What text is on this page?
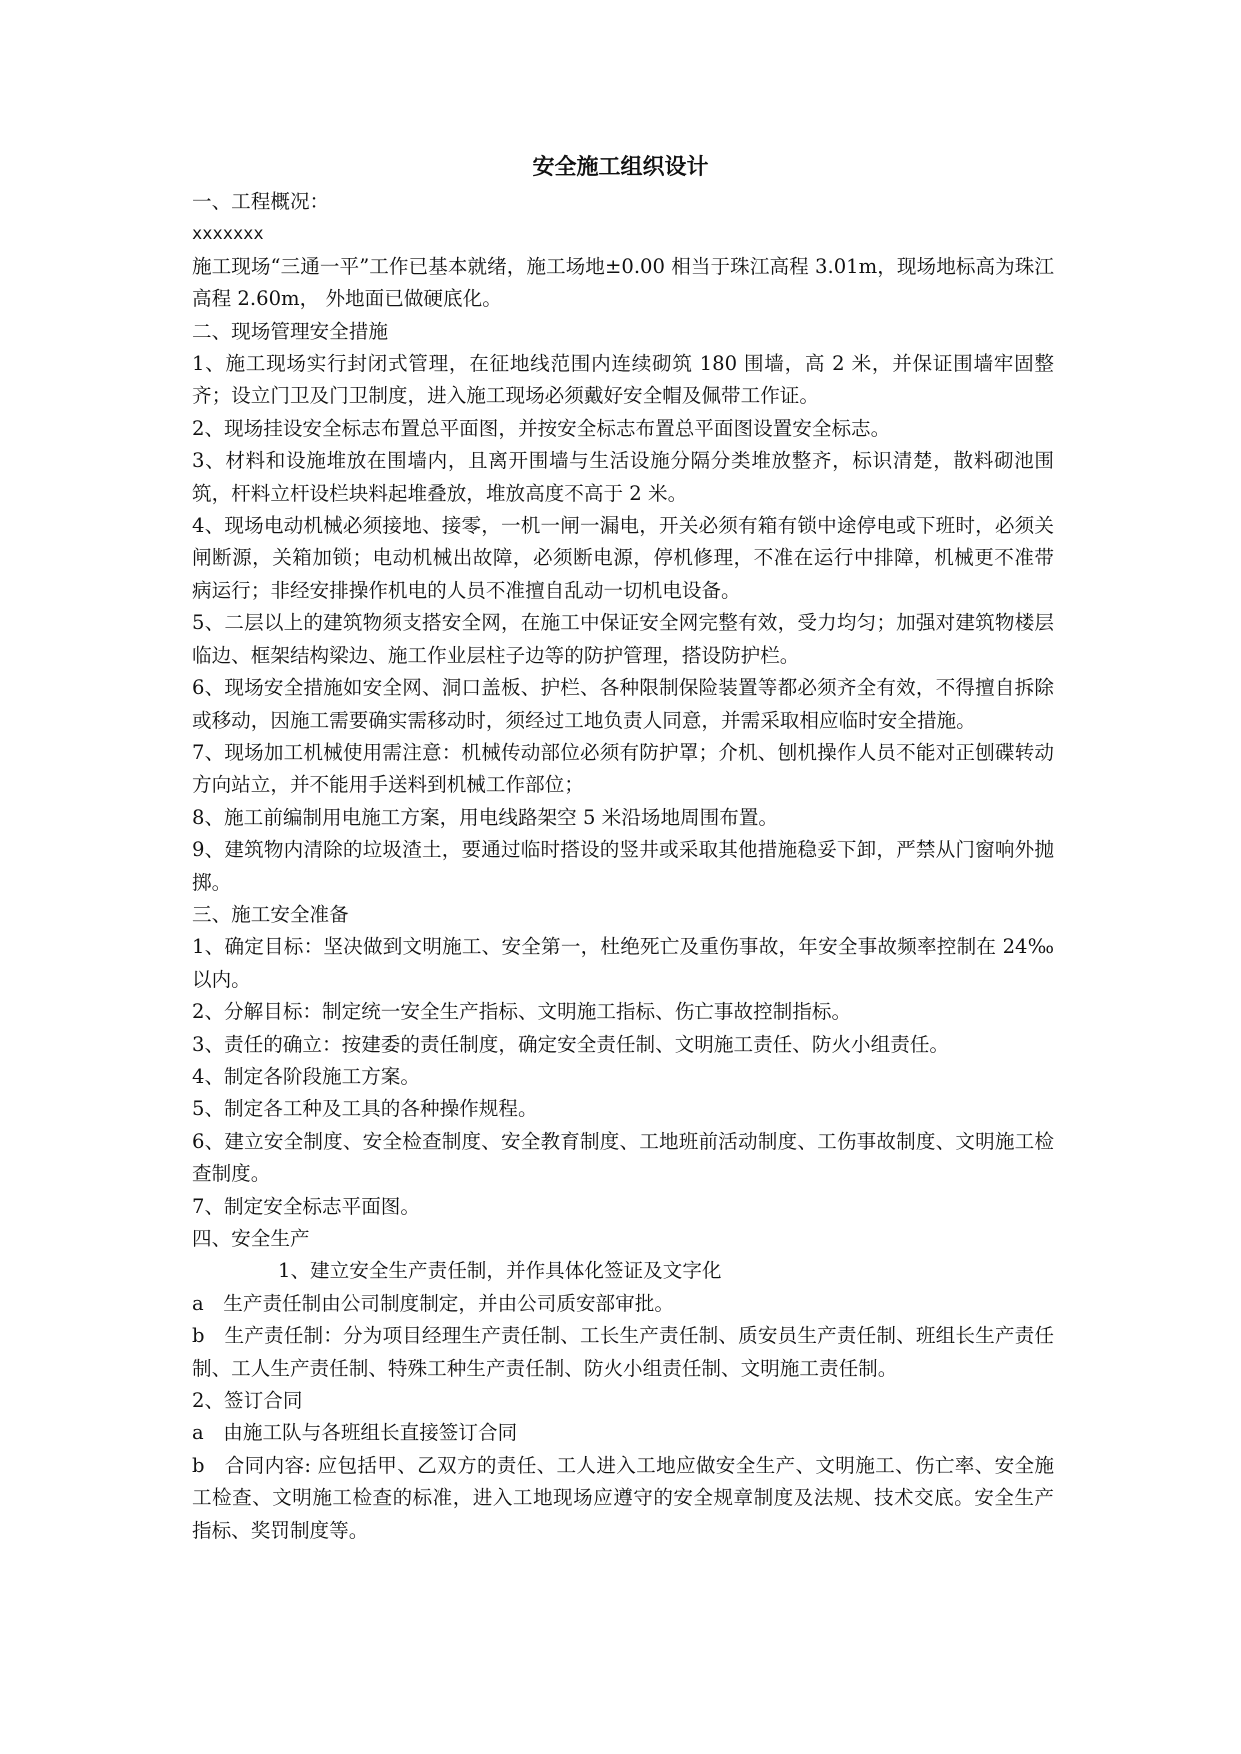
安全施工组织设计

一、工程概况：

xxxxxxx

施工现场“三通一平”工作已基本就绪，施工场地±0.00 相当于珠江高程 3.01m，现场地标高为珠江高程 2.60m， 外地面已做硬底化。

二、现场管理安全措施

1、施工现场实行封闭式管理，在征地线范围内连续砌筑 180 围墙，高 2 米，并保证围墙牢固整齐；设立门卫及门卫制度，进入施工现场必须戴好安全帽及佩带工作证。

2、现场挂设安全标志布置总平面图，并按安全标志布置总平面图设置安全标志。

3、材料和设施堆放在围墙内，且离开围墙与生活设施分隔分类堆放整齐，标识清楚，散料砌池围筑，杆料立杆设栏块料起堆叠放，堆放高度不高于 2 米。

4、现场电动机械必须接地、接零，一机一闸一漏电，开关必须有箱有锁中途停电或下班时，必须关闸断源，关箱加锁；电动机械出故障，必须断电源，停机修理，不准在运行中排障，机械更不准带病运行；非经安排操作机电的人员不准擅自乱动一切机电设备。

5、二层以上的建筑物须支搭安全网，在施工中保证安全网完整有效，受力均匀；加强对建筑物楼层临边、框架结构梁边、施工作业层柱子边等的防护管理，搭设防护栏。

6、现场安全措施如安全网、洞口盖板、护栏、各种限制保险装置等都必须齐全有效，不得擅自拆除或移动，因施工需要确实需移动时，须经过工地负责人同意，并需采取相应临时安全措施。

7、现场加工机械使用需注意：机械传动部位必须有防护罩；介机、刨机操作人员不能对正刨碟转动方向站立，并不能用手送料到机械工作部位；

8、施工前编制用电施工方案，用电线路架空 5 米沿场地周围布置。

9、建筑物内清除的垃圾渣土，要通过临时搭设的竖井或采取其他措施稳妥下卸，严禁从门窗响外抛掷。

三、施工安全准备

1、确定目标：坚决做到文明施工、安全第一，杜绝死亡及重伤事故，年安全事故频率控制在 24‰以内。

2、分解目标：制定统一安全生产指标、文明施工指标、伤亡事故控制指标。

3、责任的确立：按建委的责任制度，确定安全责任制、文明施工责任、防火小组责任。

4、制定各阶段施工方案。

5、制定各工种及工具的各种操作规程。

6、建立安全制度、安全检查制度、安全教育制度、工地班前活动制度、工伤事故制度、文明施工检查制度。

7、制定安全标志平面图。

四、安全生产

1、建立安全生产责任制，并作具体化签证及文字化

a　生产责任制由公司制度制定，并由公司质安部审批。

b　生产责任制：分为项目经理生产责任制、工长生产责任制、质安员生产责任制、班组长生产责任制、工人生产责任制、特殊工种生产责任制、防火小组责任制、文明施工责任制。

2、签订合同

a　由施工队与各班组长直接签订合同

b　合同内容: 应包括甲、乙双方的责任、工人进入工地应做安全生产、文明施工、伤亡率、安全施工检查、文明施工检查的标准，进入工地现场应遵守的安全规章制度及法规、技术交底。安全生产指标、奖罚制度等。
